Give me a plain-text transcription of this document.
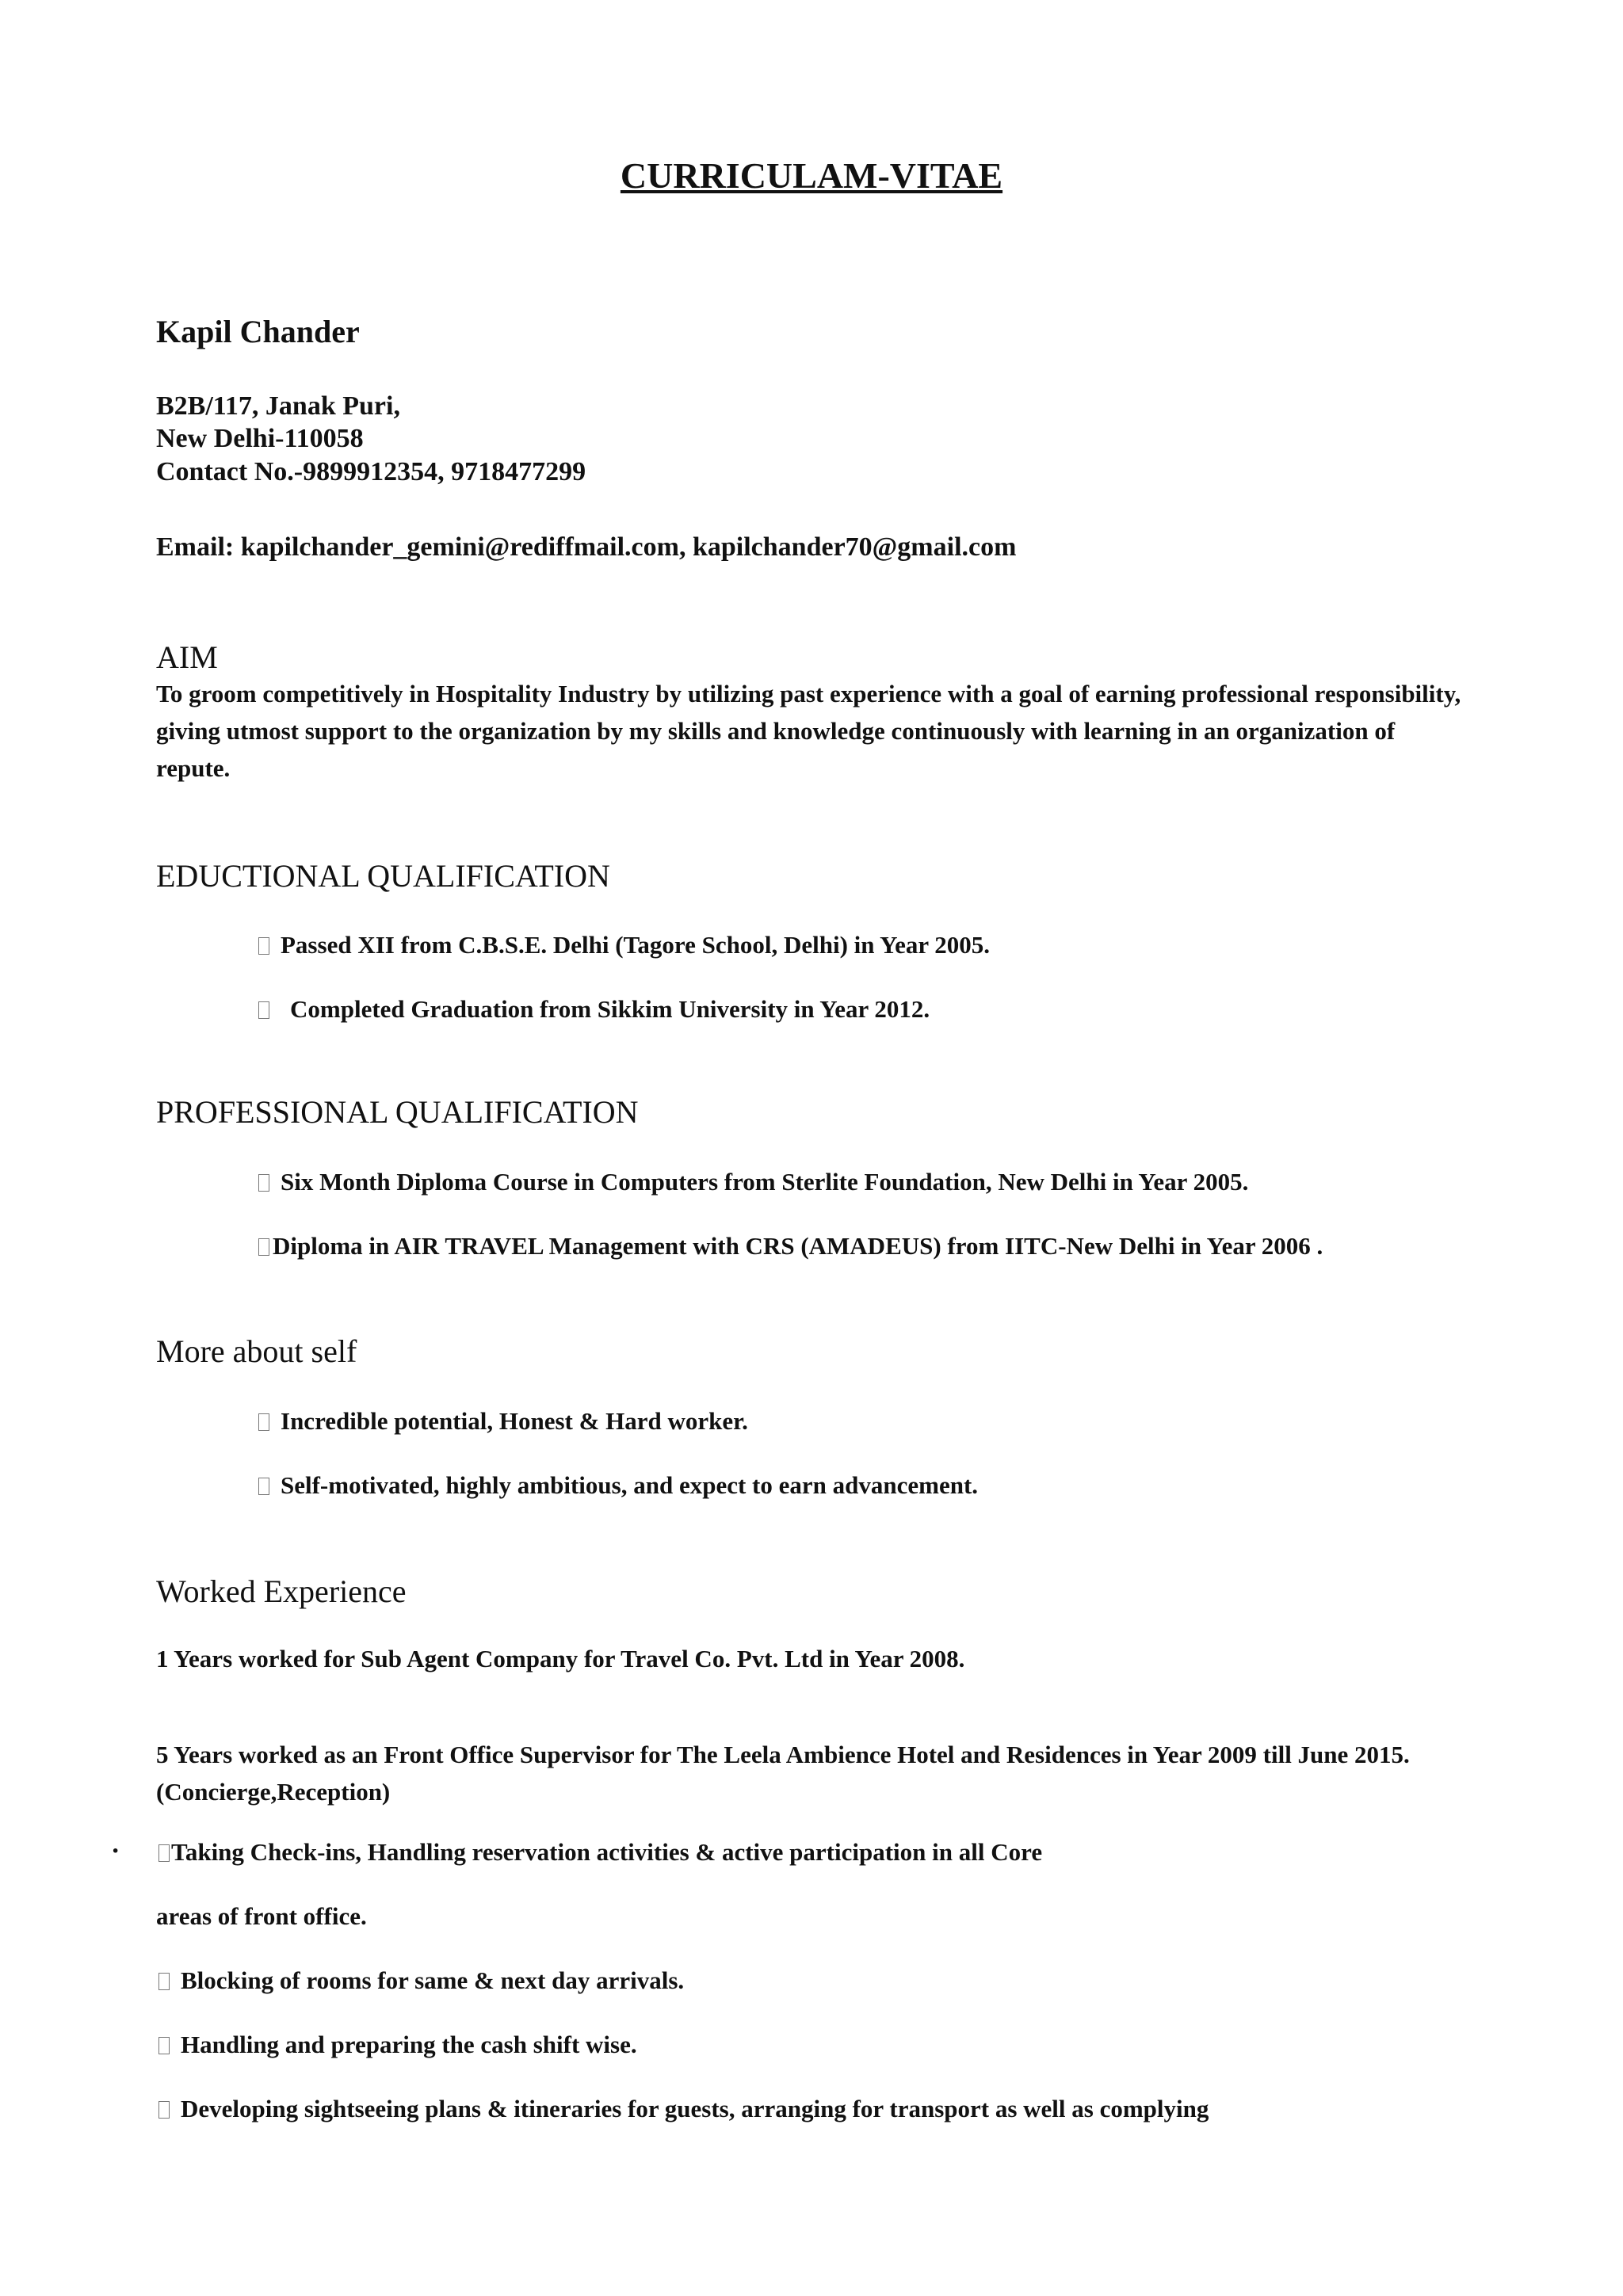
CURRICULAM-VITAE
Kapil Chander
B2B/117, Janak Puri,
New Delhi-110058
Contact No.-9899912354, 9718477299
Email: kapilchander_gemini@rediffmail.com, kapilchander70@gmail.com
AIM
To groom competitively in Hospitality Industry by utilizing past experience with a goal of earning professional responsibility, giving utmost support to the organization by my skills and knowledge continuously with learning in an organization of repute.
EDUCTIONAL QUALIFICATION
Passed XII from C.B.S.E. Delhi (Tagore School, Delhi) in Year 2005.
Completed Graduation from Sikkim University in Year 2012.
PROFESSIONAL QUALIFICATION
Six Month Diploma Course in Computers from Sterlite Foundation, New Delhi in Year 2005.
Diploma in AIR TRAVEL Management with CRS (AMADEUS) from IITC-New Delhi in Year 2006 .
More about self
Incredible potential, Honest & Hard worker.
Self-motivated, highly ambitious, and expect to earn advancement.
Worked Experience
1 Years worked for Sub Agent Company for Travel Co. Pvt. Ltd in Year 2008.
5 Years worked as an Front Office Supervisor for The Leela Ambience Hotel and Residences in Year 2009 till June 2015.(Concierge,Reception)
·	Taking Check-ins, Handling reservation activities & active participation in all Core
areas of front office.
Blocking of rooms for same & next day arrivals.
Handling and preparing the cash shift wise.
Developing sightseeing plans & itineraries for guests, arranging for transport as well as complying
